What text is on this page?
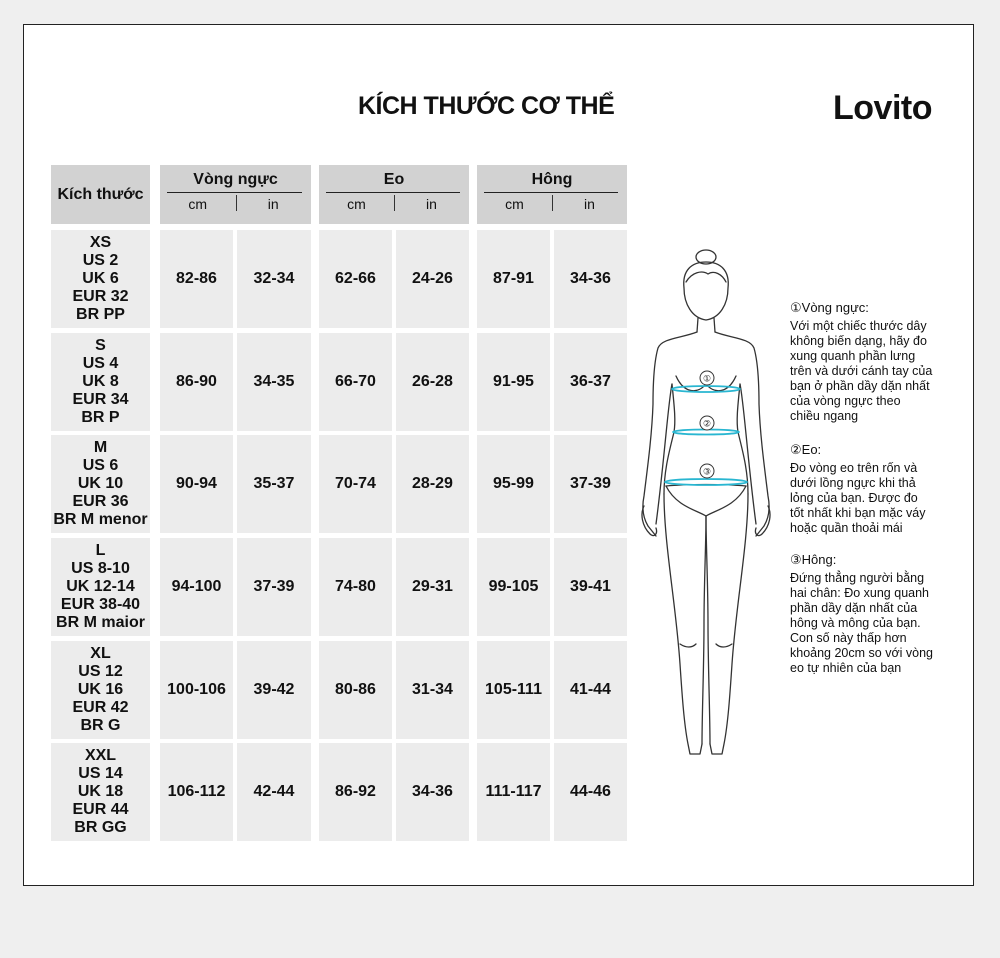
KÍCH THƯỚC CƠ THỂ	Lovito
Kích thước
Vòng ngực
cm	in
Eo
cm	in
Hông
cm	in
XS
US 2
UK 6
EUR 32
BR PP
82-86	32-34	62-66	24-26	87-91	34-36
S
US 4
UK 8
EUR 34
BR P
86-90	34-35	66-70	26-28	91-95	36-37
M
US 6
UK 10
EUR 36
BR M menor
90-94	35-37	70-74	28-29	95-99	37-39
L
US 8-10
UK 12-14
EUR 38-40
BR M maior
94-100	37-39	74-80	29-31	99-105	39-41
XL
US 12
UK 16
EUR 42
BR G
100-106	39-42	80-86	31-34	105-111	41-44
XXL
US 14
UK 18
EUR 44
BR GG
106-112	42-44	86-92	34-36	111-117	44-46
①
②
③
①Vòng ngực:
Với một chiếc thước dây
không biến dạng, hãy đo
xung quanh phần lưng
trên và dưới cánh tay của
bạn ở phần dầy dặn nhất
của vòng ngực theo
chiều ngang
②Eo:
Đo vòng eo trên rốn và
dưới lồng ngực khi thả
lỏng của bạn. Được đo
tốt nhất khi bạn mặc váy
hoặc quần thoải mái
③Hông:
Đứng thẳng người bằng
hai chân: Đo xung quanh
phần dầy dặn nhất của
hông và mông của bạn.
Con số này thấp hơn
khoảng 20cm so với vòng
eo tự nhiên của bạn
